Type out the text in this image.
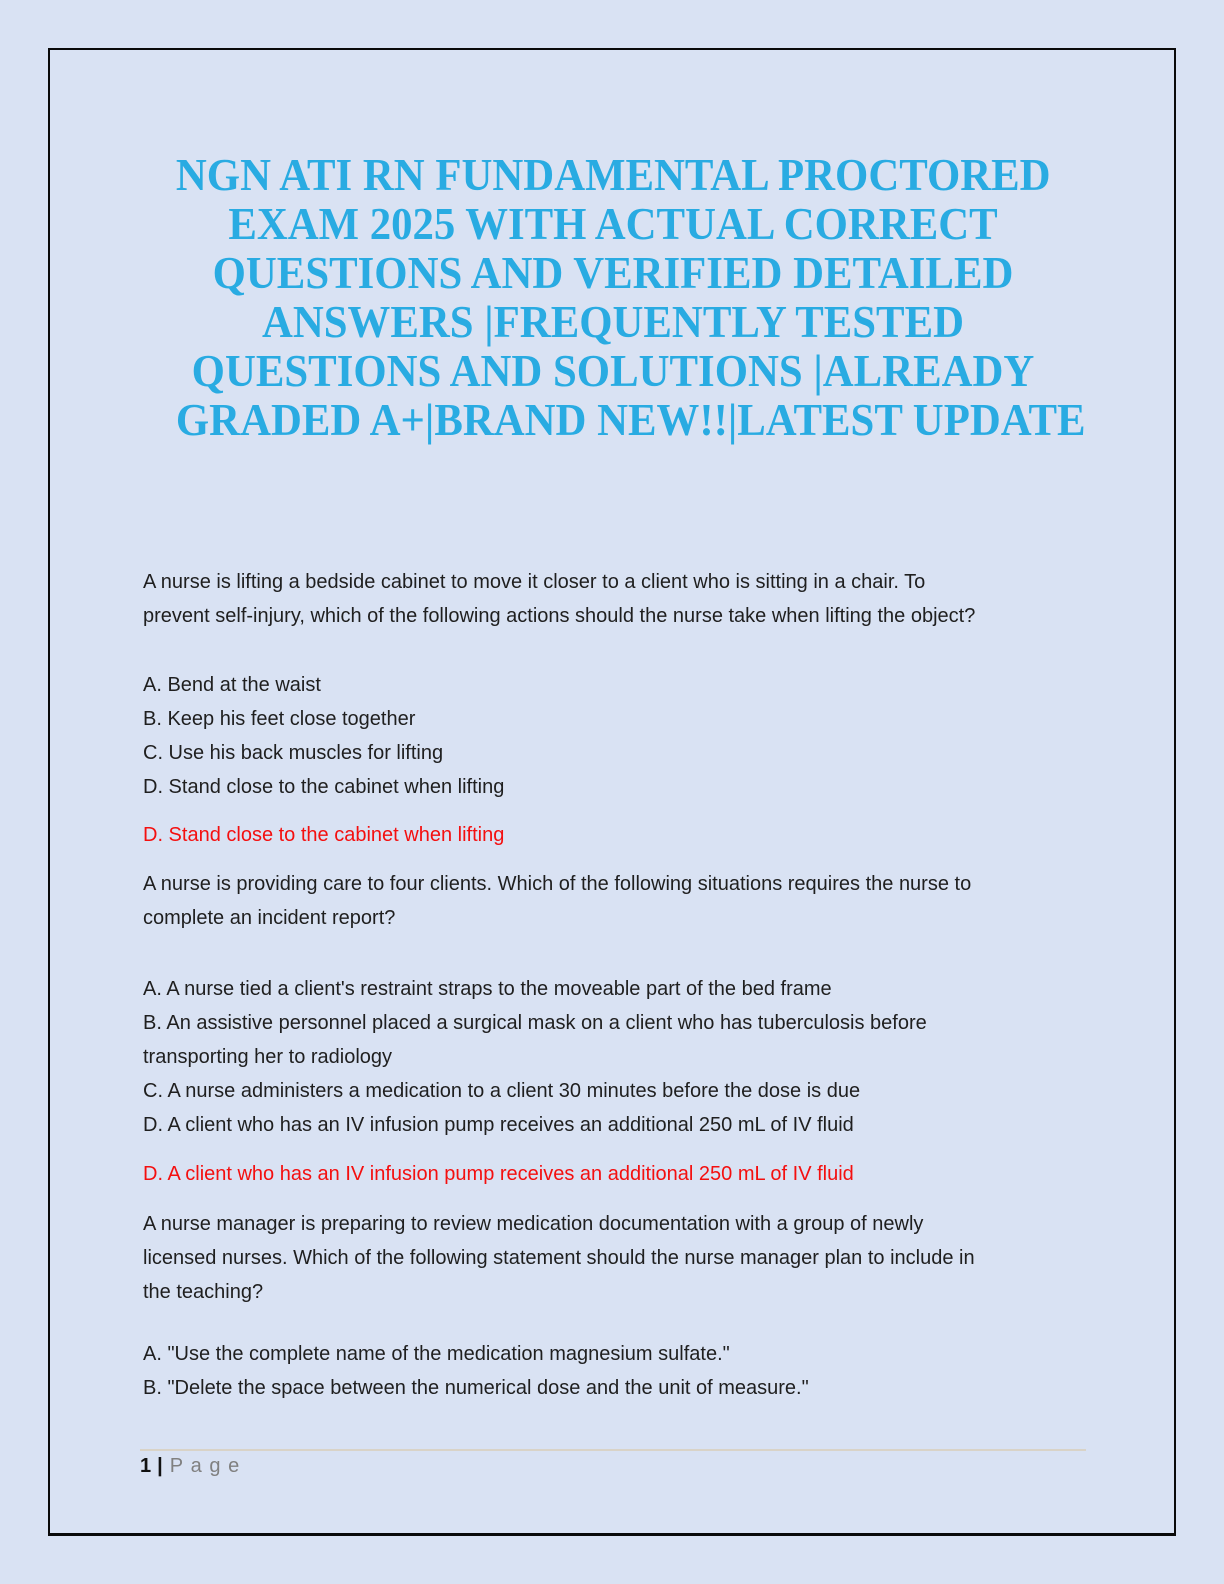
NGN ATI RN FUNDAMENTAL PROCTORED
EXAM 2025 WITH ACTUAL CORRECT
QUESTIONS AND VERIFIED DETAILED
ANSWERS |FREQUENTLY TESTED
QUESTIONS AND SOLUTIONS |ALREADY
GRADED A+|BRAND NEW!!|LATEST UPDATE
A nurse is lifting a bedside cabinet to move it closer to a client who is sitting in a chair. To
prevent self-injury, which of the following actions should the nurse take when lifting the object?
A. Bend at the waist
B. Keep his feet close together
C. Use his back muscles for lifting
D. Stand close to the cabinet when lifting
D. Stand close to the cabinet when lifting
A nurse is providing care to four clients. Which of the following situations requires the nurse to
complete an incident report?
A. A nurse tied a client's restraint straps to the moveable part of the bed frame
B. An assistive personnel placed a surgical mask on a client who has tuberculosis before
transporting her to radiology
C. A nurse administers a medication to a client 30 minutes before the dose is due
D. A client who has an IV infusion pump receives an additional 250 mL of IV fluid
D. A client who has an IV infusion pump receives an additional 250 mL of IV fluid
A nurse manager is preparing to review medication documentation with a group of newly
licensed nurses. Which of the following statement should the nurse manager plan to include in
the teaching?
A. "Use the complete name of the medication magnesium sulfate."
B. "Delete the space between the numerical dose and the unit of measure."
1 | Page
